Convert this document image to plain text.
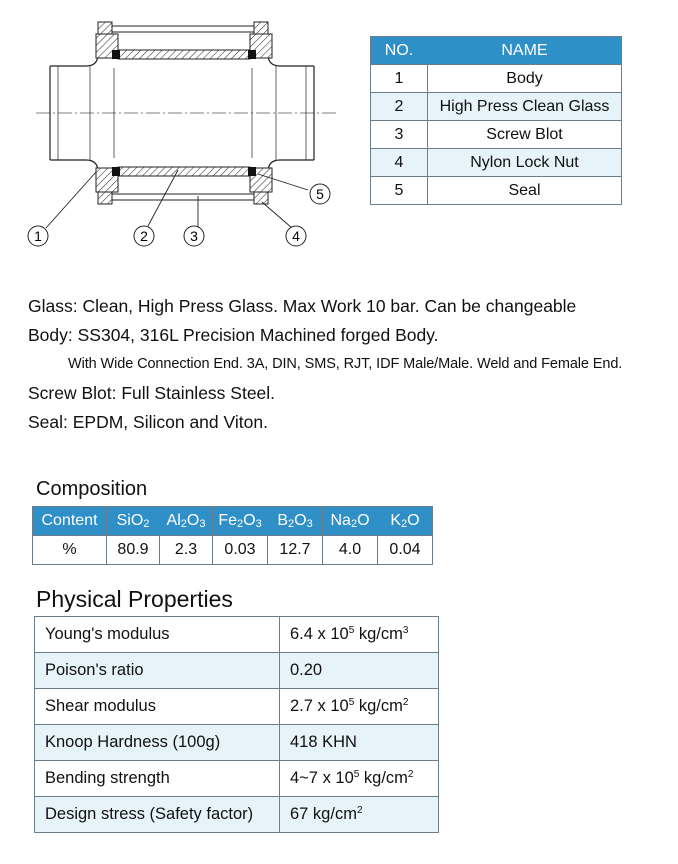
1	2	3	4
5
NO.	NAME
1	Body
2	High Press Clean Glass
3	Screw Blot
4	Nylon Lock Nut
5	Seal
Glass: Clean, High Press Glass. Max Work 10 bar. Can be changeable
Body: SS304, 316L Precision Machined forged Body.
With Wide Connection End. 3A, DIN, SMS, RJT, IDF Male/Male. Weld and Female End.
Screw Blot: Full Stainless Steel.
Seal: EPDM, Silicon and Viton.
Composition
Content	SiO$_2$	$Al_2O_3$	$Fe_2O_3$	$B_2O_3$	$Na_2O$	$K_2O$
%	80.9	2.3	0.03	12.7	4.0	0.04
Physical Properties
Young's modulus	6.4 x $10^5$ $kg/cm^3$
Poison's ratio	0.20
Shear modulus	2.7 x $10^5$ $kg/cm^2$
Knoop Hardness (100g)	418 KHN
Bending strength	4~7 x $10^5$ $kg/cm^2$
Design stress (Safety factor)	67 $kg/cm^2$
